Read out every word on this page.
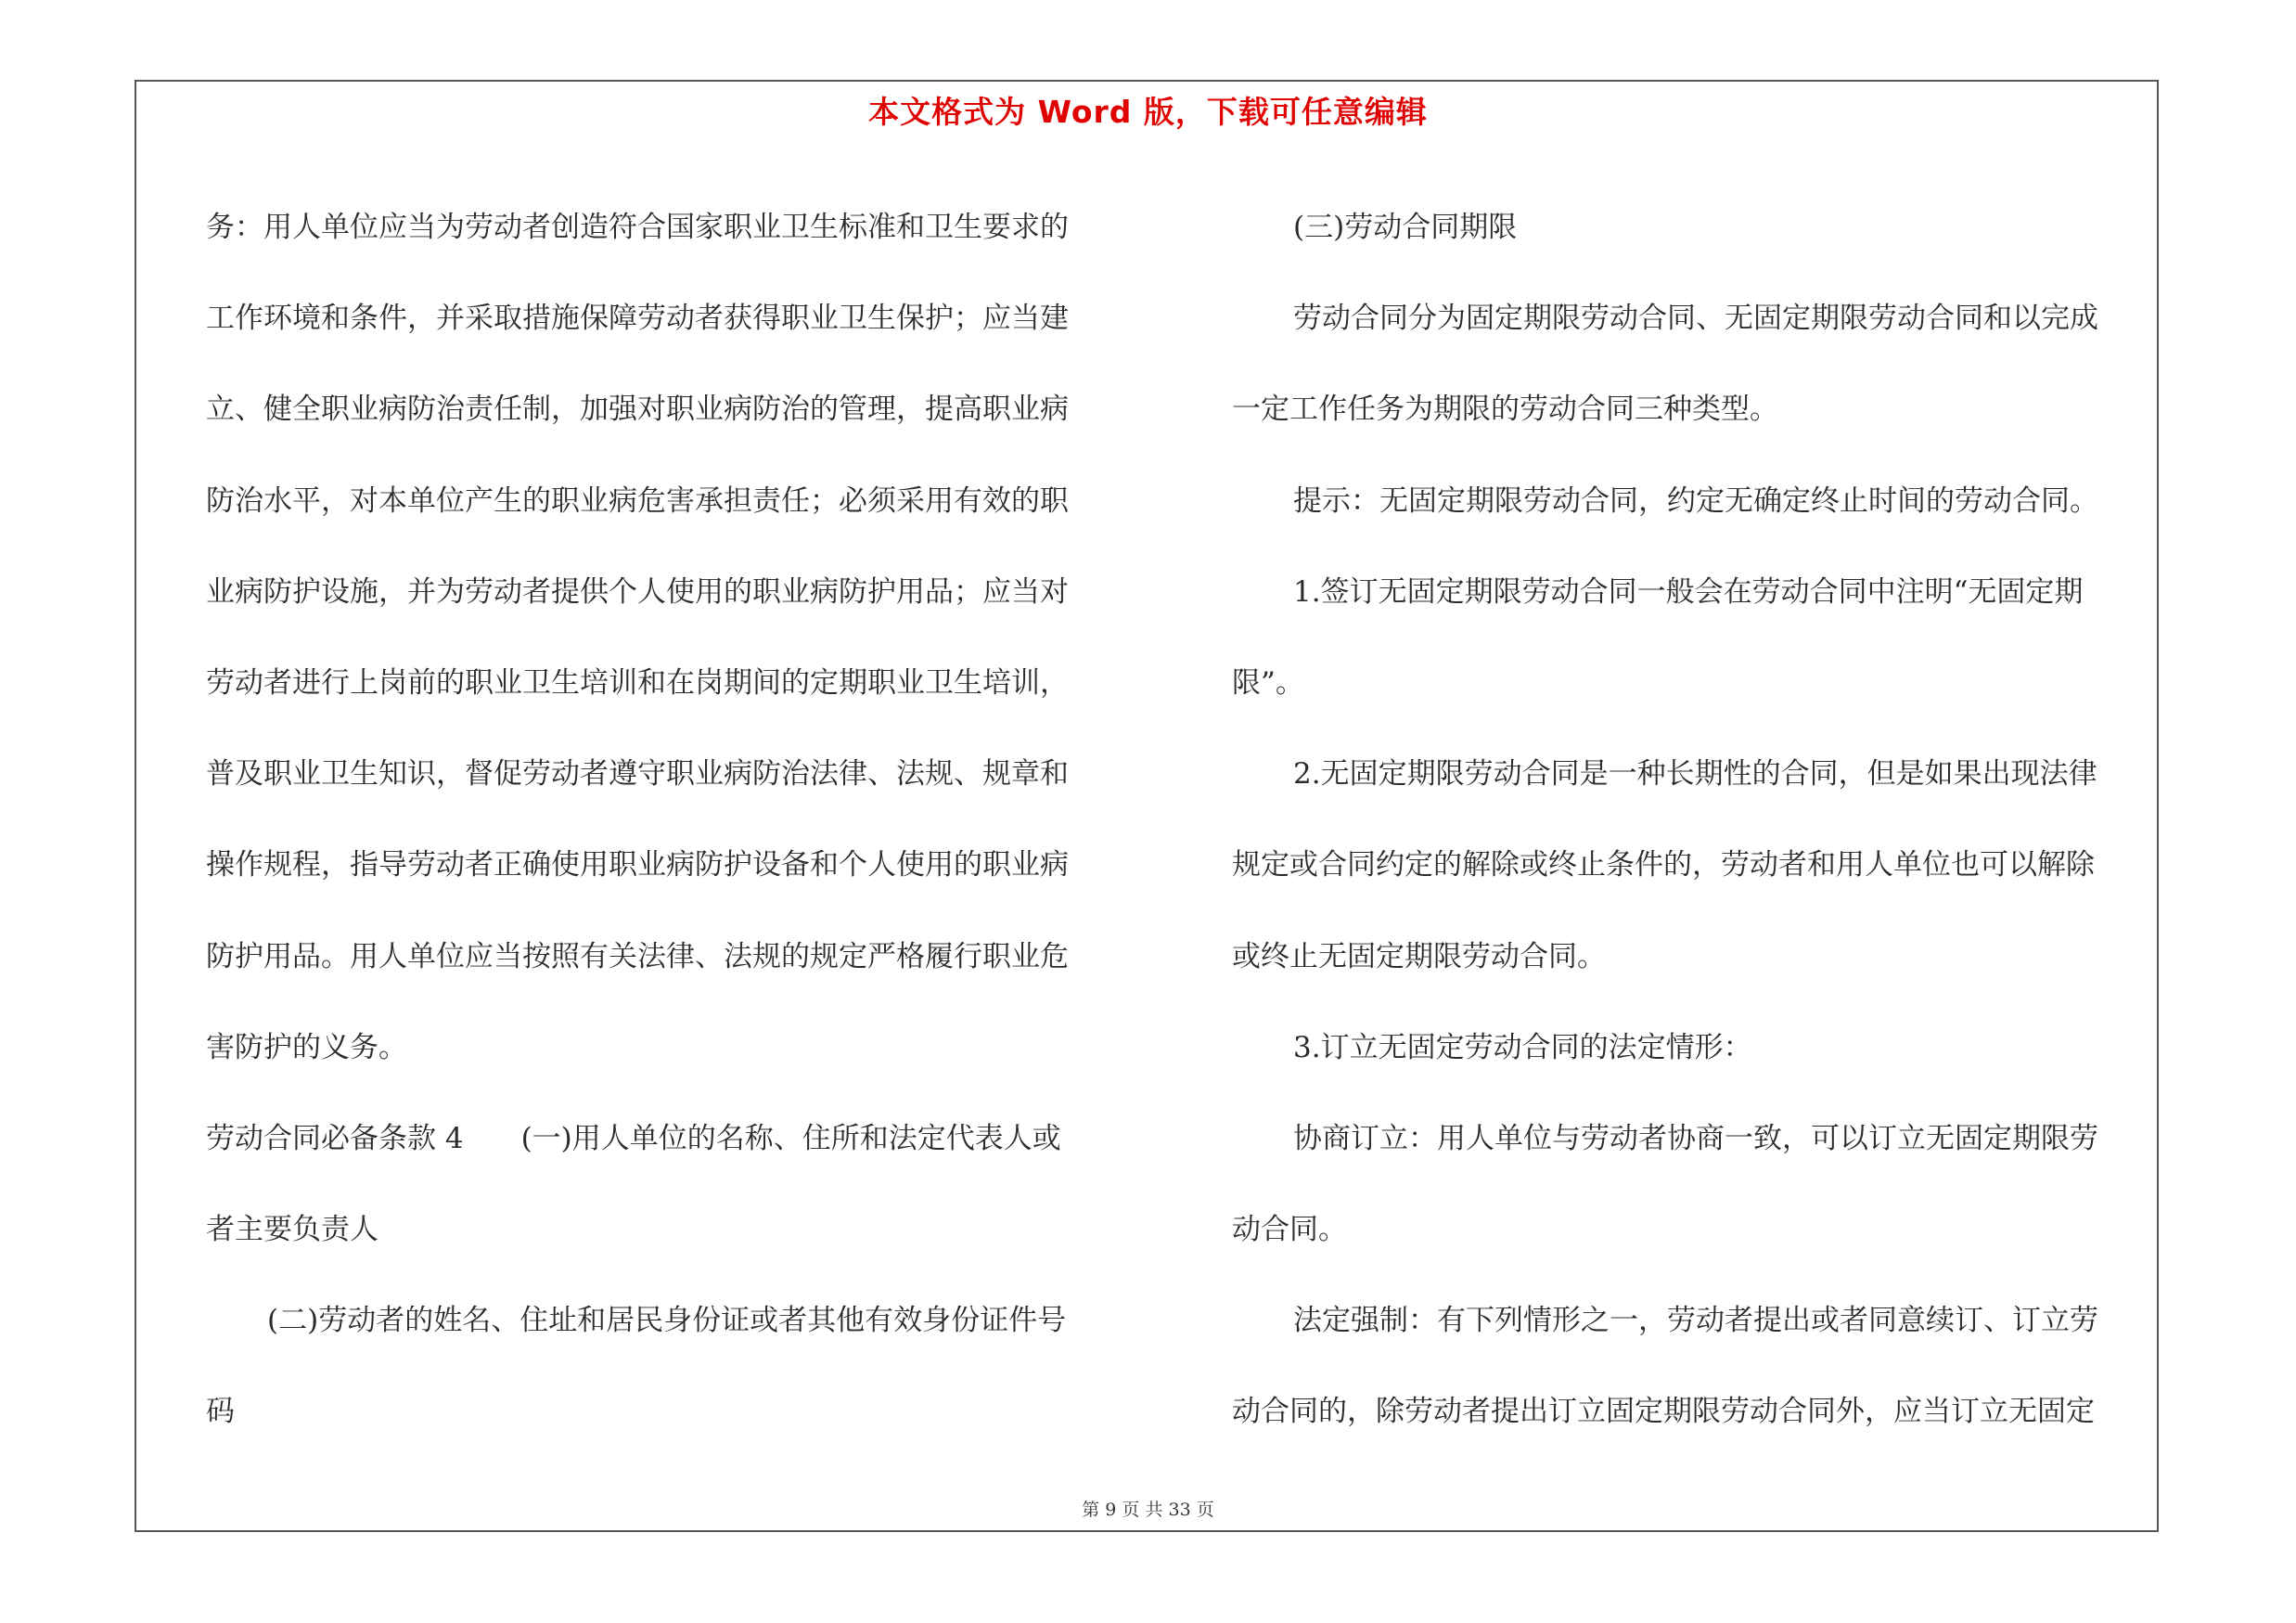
本文格式为 Word 版，下载可任意编辑
务：用人单位应当为劳动者创造符合国家职业卫生标准和卫生要求的
工作环境和条件，并采取措施保障劳动者获得职业卫生保护；应当建
立、健全职业病防治责任制，加强对职业病防治的管理，提高职业病
防治水平，对本单位产生的职业病危害承担责任；必须采用有效的职
业病防护设施，并为劳动者提供个人使用的职业病防护用品；应当对
劳动者进行上岗前的职业卫生培训和在岗期间的定期职业卫生培训，
普及职业卫生知识，督促劳动者遵守职业病防治法律、法规、规章和
操作规程，指导劳动者正确使用职业病防护设备和个人使用的职业病
防护用品。用人单位应当按照有关法律、法规的规定严格履行职业危
害防护的义务。
劳动合同必备条款 4　　(一)用人单位的名称、住所和法定代表人或
者主要负责人
(二)劳动者的姓名、住址和居民身份证或者其他有效身份证件号
码
(三)劳动合同期限
劳动合同分为固定期限劳动合同、无固定期限劳动合同和以完成
一定工作任务为期限的劳动合同三种类型。
提示：无固定期限劳动合同，约定无确定终止时间的劳动合同。
1.签订无固定期限劳动合同一般会在劳动合同中注明“无固定期
限”。
2.无固定期限劳动合同是一种长期性的合同，但是如果出现法律
规定或合同约定的解除或终止条件的，劳动者和用人单位也可以解除
或终止无固定期限劳动合同。
3.订立无固定劳动合同的法定情形：
协商订立：用人单位与劳动者协商一致，可以订立无固定期限劳
动合同。
法定强制：有下列情形之一，劳动者提出或者同意续订、订立劳
动合同的，除劳动者提出订立固定期限劳动合同外，应当订立无固定
第 9 页 共 33 页
